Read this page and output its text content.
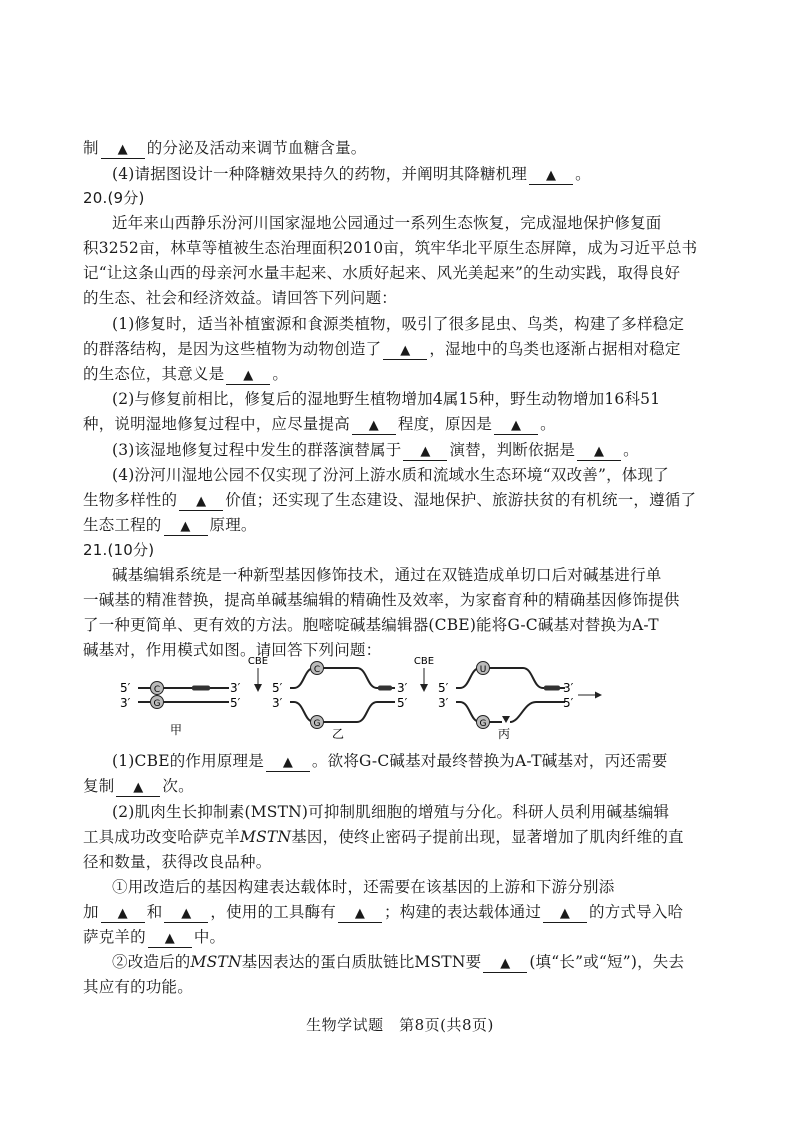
制 ▲ 的分泌及活动来调节血糖含量。

(4)请据图设计一种降糖效果持久的药物，并阐明其降糖机理 ▲ 。

20.(9分)

近年来山西静乐汾河川国家湿地公园通过一系列生态恢复，完成湿地保护修复面

积3252亩，林草等植被生态治理面积2010亩，筑牢华北平原生态屏障，成为习近平总书

记“让这条山西的母亲河水量丰起来、水质好起来、风光美起来”的生动实践，取得良好

的生态、社会和经济效益。请回答下列问题：

(1)修复时，适当补植蜜源和食源类植物，吸引了很多昆虫、鸟类，构建了多样稳定

的群落结构，是因为这些植物为动物创造了 ▲ ，湿地中的鸟类也逐渐占据相对稳定

的生态位，其意义是 ▲ 。

(2)与修复前相比，修复后的湿地野生植物增加4属15种，野生动物增加16科51

种，说明湿地修复过程中，应尽量提高 ▲ 程度，原因是 ▲ 。

(3)该湿地修复过程中发生的群落演替属于 ▲ 演替，判断依据是 ▲ 。

(4)汾河川湿地公园不仅实现了汾河上游水质和流域水生态环境“双改善”，体现了

生物多样性的 ▲ 价值；还实现了生态建设、湿地保护、旅游扶贫的有机统一，遵循了

生态工程的 ▲ 原理。

21.(10分)

碱基编辑系统是一种新型基因修饰技术，通过在双链造成单切口后对碱基进行单

一碱基的精准替换，提高单碱基编辑的精确性及效率，为家畜育种的精确基因修饰提供

了一种更简单、更有效的方法。胞嘧啶碱基编辑器(CBE)能将G-C碱基对替换为A-T

碱基对，作用模式如图。请回答下列问题：

5′
3′
C
G
3′
5′
甲
CBE
5′
3′
C
G
3′
5′
乙
CBE
5′
3′
U
G
3′
5′
丙

(1)CBE的作用原理是 ▲ 。欲将G-C碱基对最终替换为A-T碱基对，丙还需要

复制 ▲ 次。

(2)肌肉生长抑制素(MSTN)可抑制肌细胞的增殖与分化。科研人员利用碱基编辑

工具成功改变哈萨克羊MSTN基因，使终止密码子提前出现，显著增加了肌肉纤维的直

径和数量，获得改良品种。

①用改造后的基因构建表达载体时，还需要在该基因的上游和下游分别添

加 ▲ 和 ▲ ，使用的工具酶有 ▲ ；构建的表达载体通过 ▲ 的方式导入哈

萨克羊的 ▲ 中。

②改造后的MSTN基因表达的蛋白质肽链比MSTN要 ▲ (填“长”或“短”)，失去

其应有的功能。

生物学试题　第8页(共8页)
